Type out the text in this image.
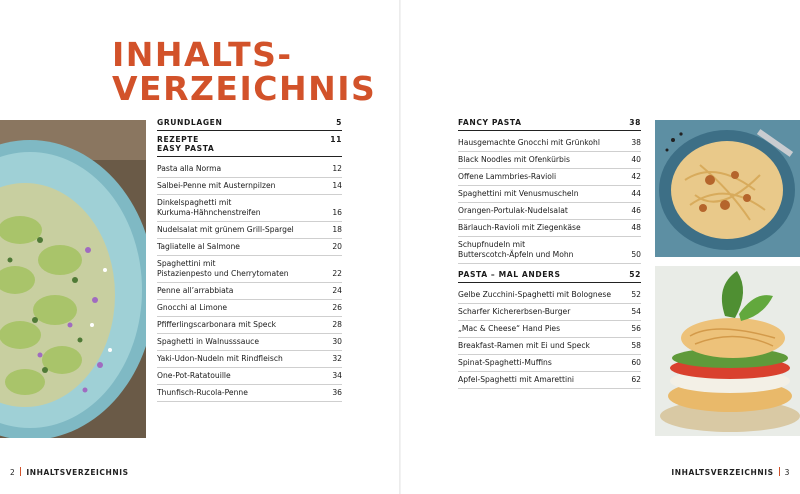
INHALTS-
VERZEICHNIS
GRUNDLAGEN	5
REZEPTE
EASY PASTA
11
Pasta alla Norma	12
Salbei-Penne mit Austernpilzen	14
Dinkelspaghetti mit
Kurkuma-Hähnchenstreifen	16
Nudelsalat mit grünem Grill-Spargel	18
Tagliatelle al Salmone	20
Spaghettini mit
Pistazienpesto und Cherrytomaten	22
Penne all’arrabbiata	24
Gnocchi al Limone	26
Pfifferlingscarbonara mit Speck	28
Spaghetti in Walnusssauce	30
Yaki-Udon-Nudeln mit Rindfleisch	32
One-Pot-Ratatouille	34
Thunfisch-Rucola-Penne	36
FANCY PASTA	38
Hausgemachte Gnocchi mit Grünkohl	38
Black Noodles mit Ofenkürbis	40
Offene Lammbries-Ravioli	42
Spaghettini mit Venusmuscheln	44
Orangen-Portulak-Nudelsalat	46
Bärlauch-Ravioli mit Ziegenkäse	48
Schupfnudeln mit
Butterscotch-Äpfeln und Mohn	50
PASTA – MAL ANDERS	52
Gelbe Zucchini-Spaghetti mit Bolognese	52
Scharfer Kichererbsen-Burger	54
„Mac & Cheese“ Hand Pies	56
Breakfast-Ramen mit Ei und Speck	58
Spinat-Spaghetti-Muffins	60
Apfel-Spaghetti mit Amarettini	62
2 INHALTSVERZEICHNIS	INHALTSVERZEICHNIS 3
